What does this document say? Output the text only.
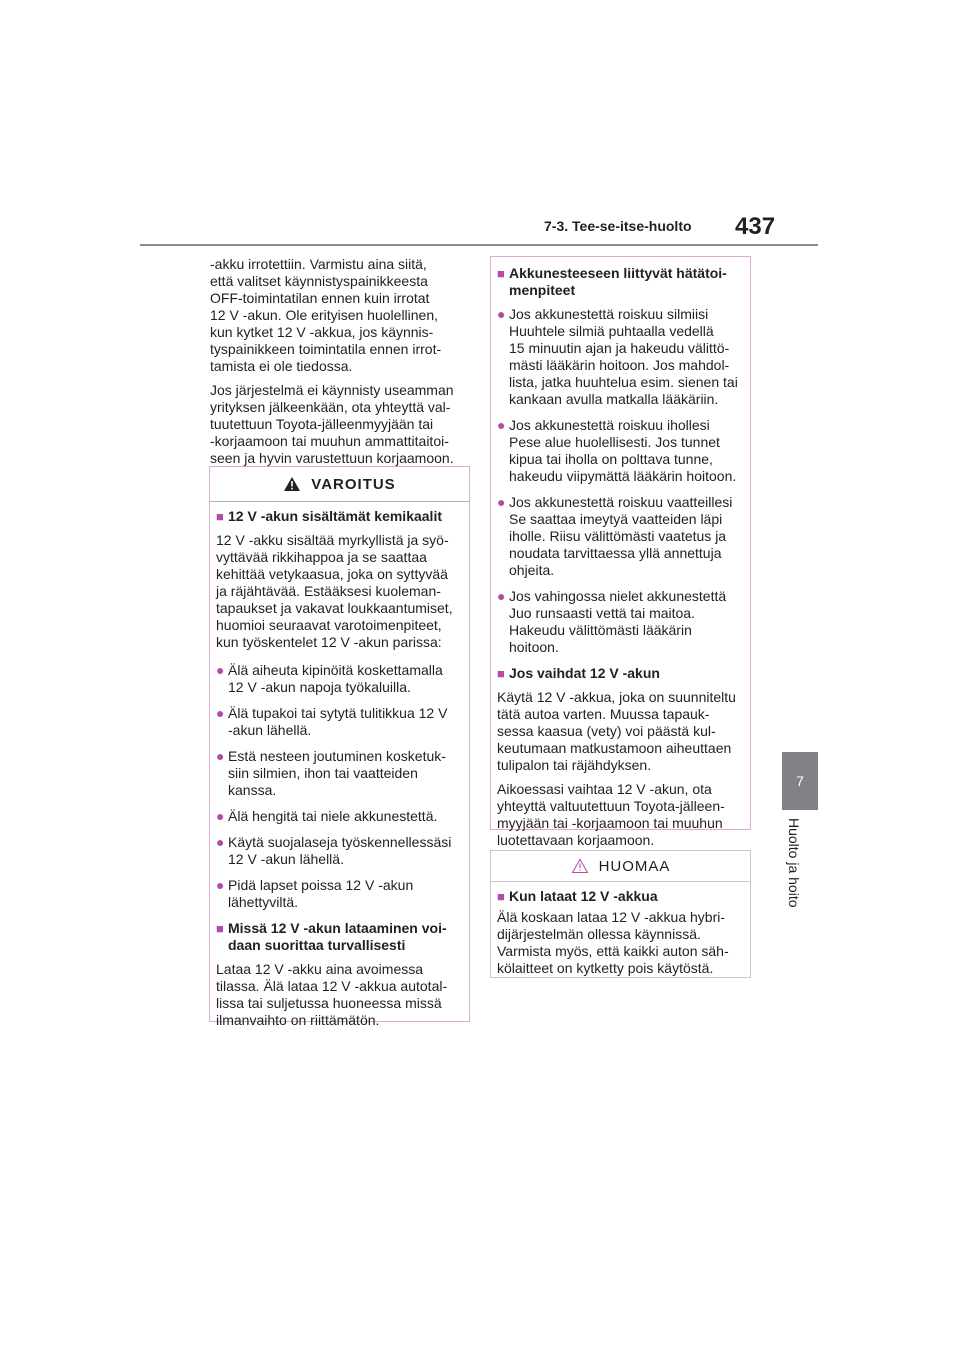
7-3. Tee-se-itse-huolto 437
7
Huolto ja hoito
-akku irrotettiin. Varmistu aina siitä,
että valitset käynnistyspainikkeesta
OFF-toimintatilan ennen kuin irrotat
12 V -akun. Ole erityisen huolellinen,
kun kytket 12 V -akkua, jos käynnis-
tyspainikkeen toimintatila ennen irrot-
tamista ei ole tiedossa.
Jos järjestelmä ei käynnisty useamman
yrityksen jälkeenkään, ota yhteyttä val-
tuutettuun Toyota-jälleenmyyjään tai
-korjaamoon tai muuhun ammattitaitoi-
seen ja hyvin varustettuun korjaamoon.
VAROITUS
■ 12 V -akun sisältämät kemikaalit
12 V -akku sisältää myrkyllistä ja syö-
vyttävää rikkihappoa ja se saattaa
kehittää vetykaasua, joka on syttyvää
ja räjähtävää. Estääksesi kuoleman-
tapaukset ja vakavat loukkaantumiset,
huomioi seuraavat varotoimenpiteet,
kun työskentelet 12 V -akun parissa:
● Älä aiheuta kipinöitä koskettamalla
12 V -akun napoja työkaluilla.
● Älä tupakoi tai sytytä tulitikkua 12 V
-akun lähellä.
● Estä nesteen joutuminen kosketuk-
siin silmien, ihon tai vaatteiden
kanssa.
● Älä hengitä tai niele akkunestettä.
● Käytä suojalaseja työskennellessäsi
12 V -akun lähellä.
● Pidä lapset poissa 12 V -akun
lähettyviltä.
■ Missä 12 V -akun lataaminen voi-
daan suorittaa turvallisesti
Lataa 12 V -akku aina avoimessa
tilassa. Älä lataa 12 V -akkua autotal-
lissa tai suljetussa huoneessa missä
ilmanvaihto on riittämätön.
■ Akkunesteeseen liittyvät hätätoi-
menpiteet
● Jos akkunestettä roiskuu silmiisi
Huuhtele silmiä puhtaalla vedellä
15 minuutin ajan ja hakeudu välittö-
mästi lääkärin hoitoon. Jos mahdol-
lista, jatka huuhtelua esim. sienen tai
kankaan avulla matkalla lääkäriin.
● Jos akkunestettä roiskuu ihollesi
Pese alue huolellisesti. Jos tunnet
kipua tai iholla on polttava tunne,
hakeudu viipymättä lääkärin hoitoon.
● Jos akkunestettä roiskuu vaatteillesi
Se saattaa imeytyä vaatteiden läpi
iholle. Riisu välittömästi vaatetus ja
noudata tarvittaessa yllä annettuja
ohjeita.
● Jos vahingossa nielet akkunestettä
Juo runsaasti vettä tai maitoa.
Hakeudu välittömästi lääkärin
hoitoon.
■ Jos vaihdat 12 V -akun
Käytä 12 V -akkua, joka on suunniteltu
tätä autoa varten. Muussa tapauk-
sessa kaasua (vety) voi päästä kul-
keutumaan matkustamoon aiheuttaen
tulipalon tai räjähdyksen.
Aikoessasi vaihtaa 12 V -akun, ota
yhteyttä valtuutettuun Toyota-jälleen-
myyjään tai -korjaamoon tai muuhun
luotettavaan korjaamoon.
HUOMAA
■ Kun lataat 12 V -akkua
Älä koskaan lataa 12 V -akkua hybri-
dijärjestelmän ollessa käynnissä.
Varmista myös, että kaikki auton säh-
kölaitteet on kytketty pois käytöstä.
